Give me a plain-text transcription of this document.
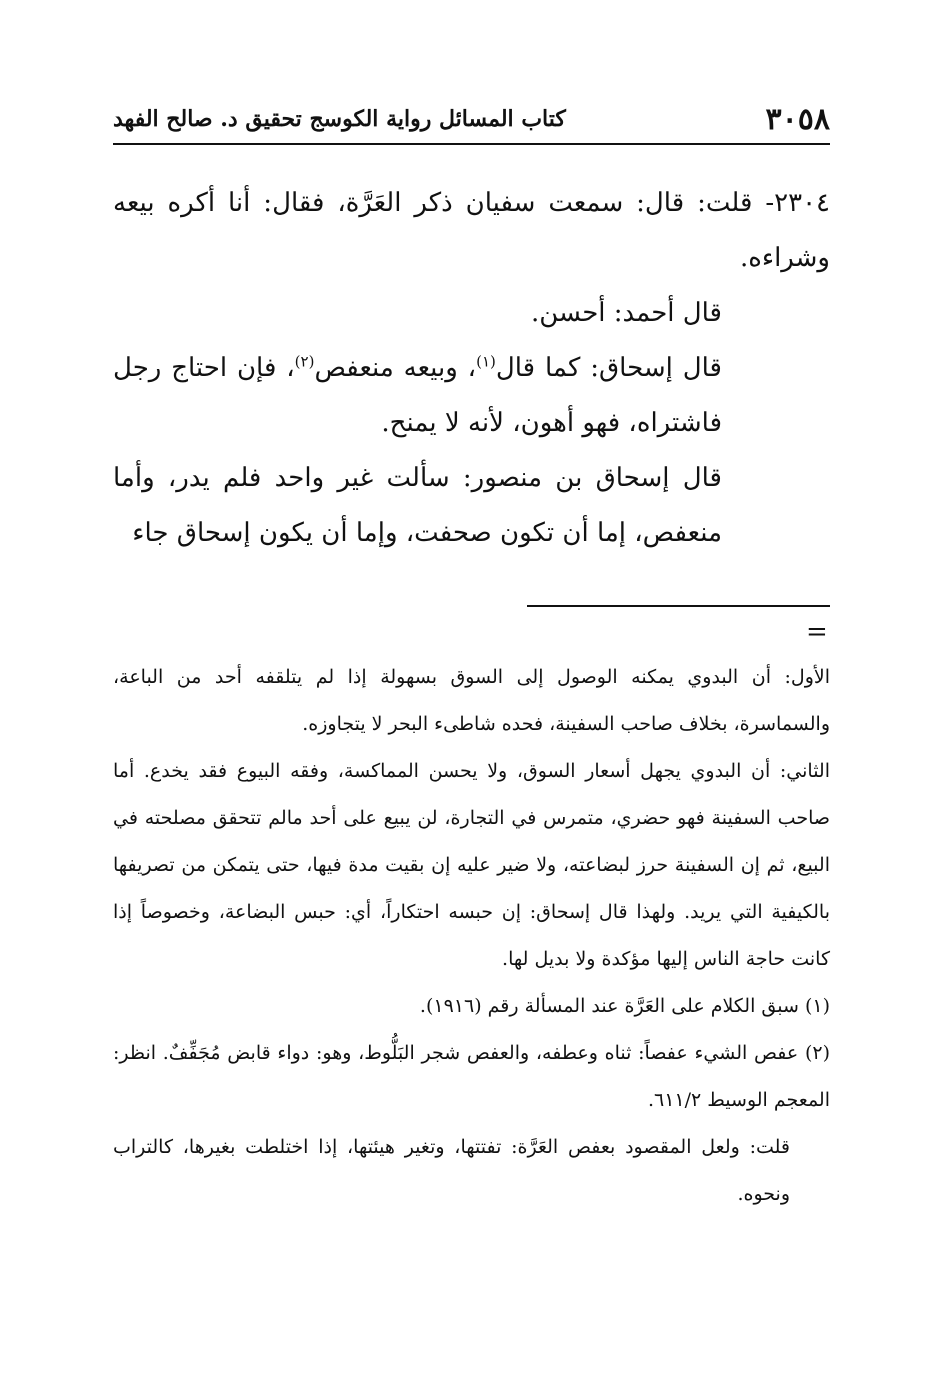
٣٠٥٨
كتاب المسائل رواية الكوسج تحقيق د. صالح الفهد

٢٣٠٤- قلت: قال: سمعت سفيان ذكر العَرَّة، فقال: أنا أكره بيعه وشراءه.

قال أحمد: أحسن.

قال إسحاق: كما قال$^{(١)}$، وبيعه منعفص$^{(٢)}$، فإن احتاج رجل فاشتراه، فهو أهون، لأنه لا يمنح.

قال إسحاق بن منصور: سألت غير واحد فلم يدر، وأما منعفص، إما أن تكون صحفت، وإما أن يكون إسحاق جاء

=

الأول: أن البدوي يمكنه الوصول إلى السوق بسهولة إذا لم يتلقفه أحد من الباعة، والسماسرة، بخلاف صاحب السفينة، فحده شاطىء البحر لا يتجاوزه.

الثاني: أن البدوي يجهل أسعار السوق، ولا يحسن المماكسة، وفقه البيوع فقد يخدع. أما صاحب السفينة فهو حضري، متمرس في التجارة، لن يبيع على أحد مالم تتحقق مصلحته في البيع، ثم إن السفينة حرز لبضاعته، ولا ضير عليه إن بقيت مدة فيها، حتى يتمكن من تصريفها بالكيفية التي يريد. ولهذا قال إسحاق: إن حبسه احتكاراً، أي: حبس البضاعة، وخصوصاً إذا كانت حاجة الناس إليها مؤكدة ولا بديل لها.

(١) سبق الكلام على العَرَّة عند المسألة رقم (١٩١٦).

(٢) عفص الشيء عفصاً: ثناه وعطفه، والعفص شجر البَلُّوط، وهو: دواء قابض مُجَفِّفٌ. انظر: المعجم الوسيط ٦١١/٢.

قلت: ولعل المقصود بعفص العَرَّة: تفتتها، وتغير هيئتها، إذا اختلطت بغيرها، كالتراب ونحوه.
